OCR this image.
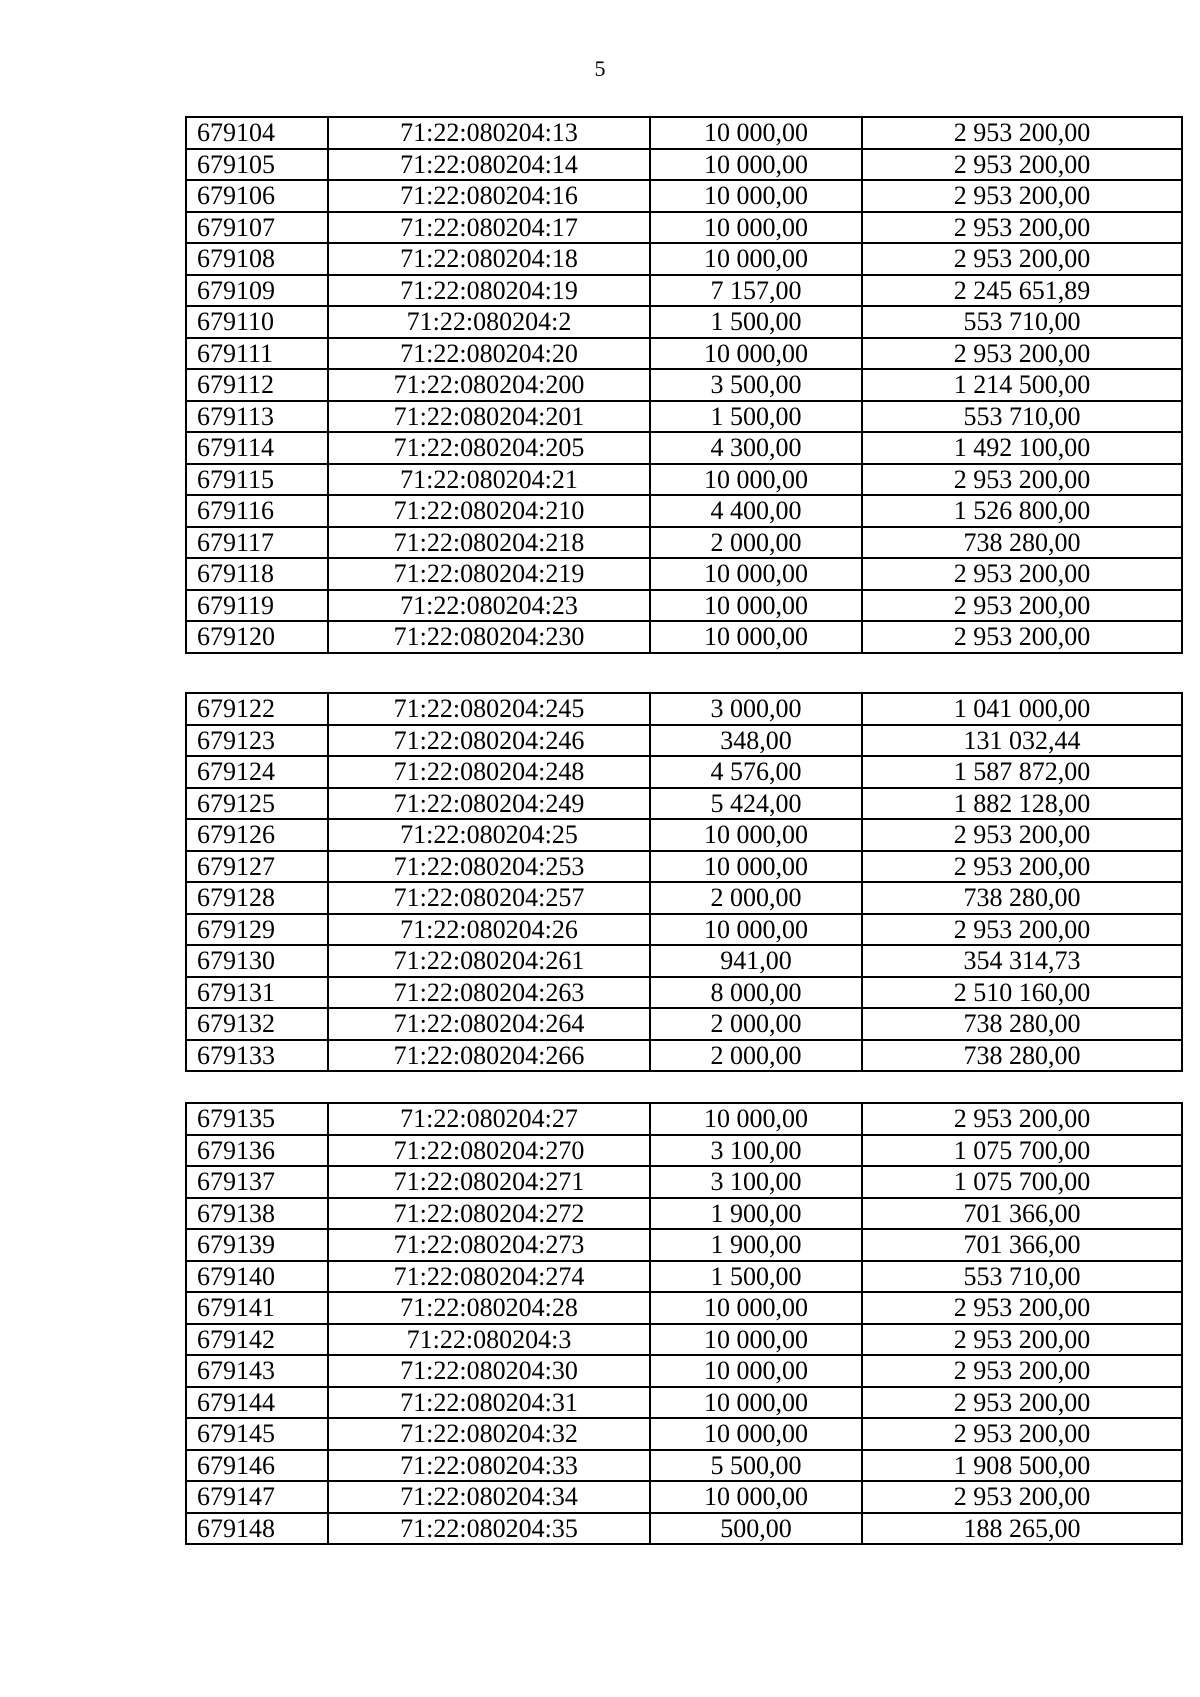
5
679104	71:22:080204:13	10 000,00	2 953 200,00
679105	71:22:080204:14	10 000,00	2 953 200,00
679106	71:22:080204:16	10 000,00	2 953 200,00
679107	71:22:080204:17	10 000,00	2 953 200,00
679108	71:22:080204:18	10 000,00	2 953 200,00
679109	71:22:080204:19	7 157,00	2 245 651,89
679110	71:22:080204:2	1 500,00	553 710,00
679111	71:22:080204:20	10 000,00	2 953 200,00
679112	71:22:080204:200	3 500,00	1 214 500,00
679113	71:22:080204:201	1 500,00	553 710,00
679114	71:22:080204:205	4 300,00	1 492 100,00
679115	71:22:080204:21	10 000,00	2 953 200,00
679116	71:22:080204:210	4 400,00	1 526 800,00
679117	71:22:080204:218	2 000,00	738 280,00
679118	71:22:080204:219	10 000,00	2 953 200,00
679119	71:22:080204:23	10 000,00	2 953 200,00
679120	71:22:080204:230	10 000,00	2 953 200,00
679122	71:22:080204:245	3 000,00	1 041 000,00
679123	71:22:080204:246	348,00	131 032,44
679124	71:22:080204:248	4 576,00	1 587 872,00
679125	71:22:080204:249	5 424,00	1 882 128,00
679126	71:22:080204:25	10 000,00	2 953 200,00
679127	71:22:080204:253	10 000,00	2 953 200,00
679128	71:22:080204:257	2 000,00	738 280,00
679129	71:22:080204:26	10 000,00	2 953 200,00
679130	71:22:080204:261	941,00	354 314,73
679131	71:22:080204:263	8 000,00	2 510 160,00
679132	71:22:080204:264	2 000,00	738 280,00
679133	71:22:080204:266	2 000,00	738 280,00
679135	71:22:080204:27	10 000,00	2 953 200,00
679136	71:22:080204:270	3 100,00	1 075 700,00
679137	71:22:080204:271	3 100,00	1 075 700,00
679138	71:22:080204:272	1 900,00	701 366,00
679139	71:22:080204:273	1 900,00	701 366,00
679140	71:22:080204:274	1 500,00	553 710,00
679141	71:22:080204:28	10 000,00	2 953 200,00
679142	71:22:080204:3	10 000,00	2 953 200,00
679143	71:22:080204:30	10 000,00	2 953 200,00
679144	71:22:080204:31	10 000,00	2 953 200,00
679145	71:22:080204:32	10 000,00	2 953 200,00
679146	71:22:080204:33	5 500,00	1 908 500,00
679147	71:22:080204:34	10 000,00	2 953 200,00
679148	71:22:080204:35	500,00	188 265,00
